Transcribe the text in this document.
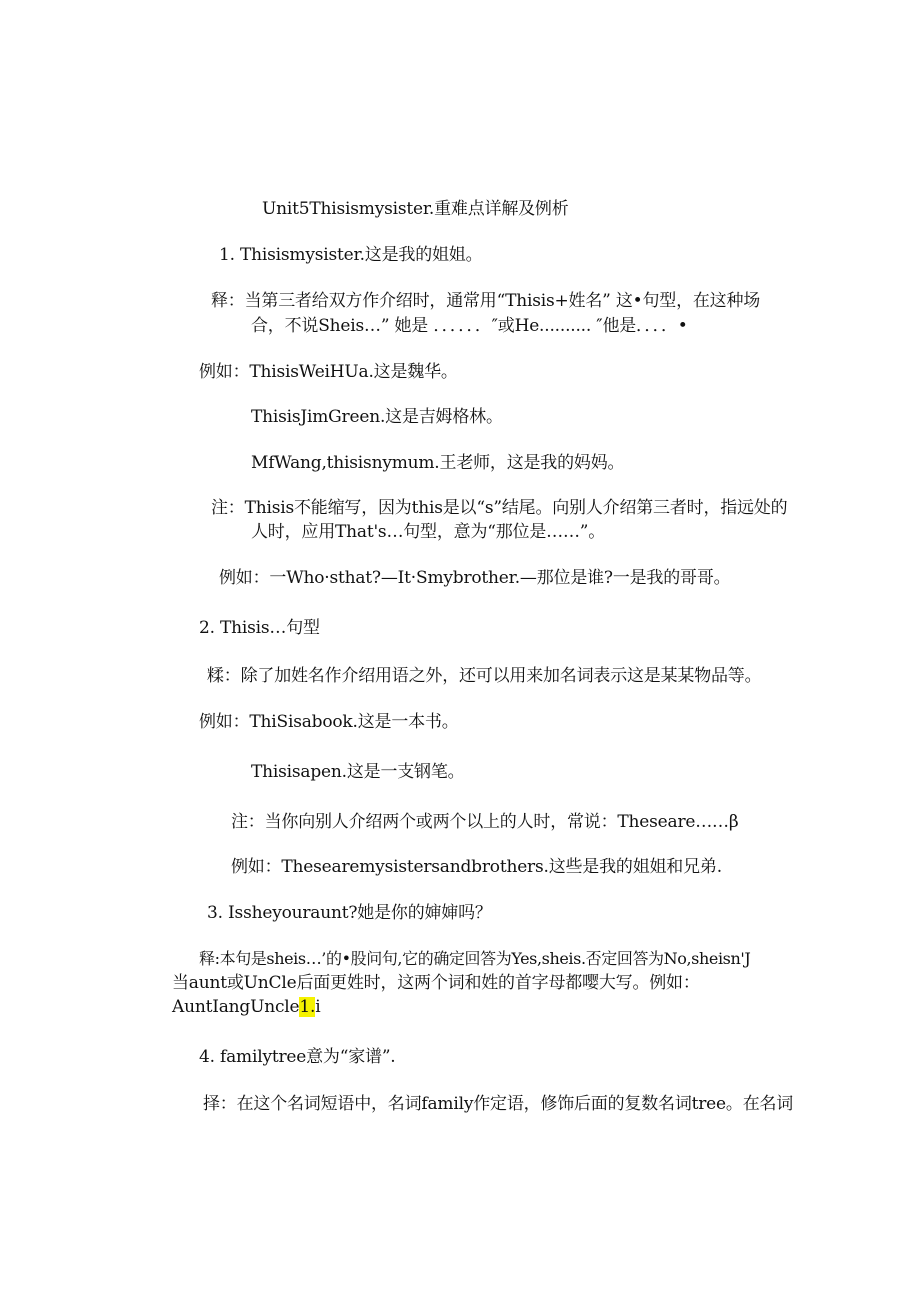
Unit5Thisismysister.重难点详解及例析
1. Thisismysister.这是我的姐姐。
释：当第三者给双方作介绍时，通常用“Thisis+姓名” 这•句型，在这种场
合，不说Sheis…” 她是 ．．．．．．″或He.......... ″他是．．．．•
例如：ThisisWeiHUa.这是魏华。
ThisisJimGreen.这是吉姆格林。
MfWang,thisisnymum.王老师，这是我的妈妈。
注：Thisis不能缩写，因为this是以“s”结尾。向别人介绍第三者时，指远处的
人时，应用That's…句型，意为“那位是……”。
例如：一Who·sthat?—It·Smybrother.—那位是谁?一是我的哥哥。
2. Thisis…句型
糅：除了加姓名作介绍用语之外，还可以用来加名词表示这是某某物品等。
例如：ThiSisabook.这是一本书。
Thisisapen.这是一支钢笔。
注：当你向别人介绍两个或两个以上的人时，常说：Theseare……β
例如：Thesearemysistersandbrothers.这些是我的姐姐和兄弟.
3. Issheyouraunt?她是你的婶婶吗？
释:本句是sheis…’的•股问句,它的确定回答为Yes,sheis.否定回答为No,sheisn'J
当aunt或UnCle后面更姓时，这两个词和姓的首字母都嘤大写。例如：
AuntIangUncle1.i
4. familytree意为“家谱”.
择：在这个名词短语中，名词family作定语，修饰后面的复数名词tree。在名词
